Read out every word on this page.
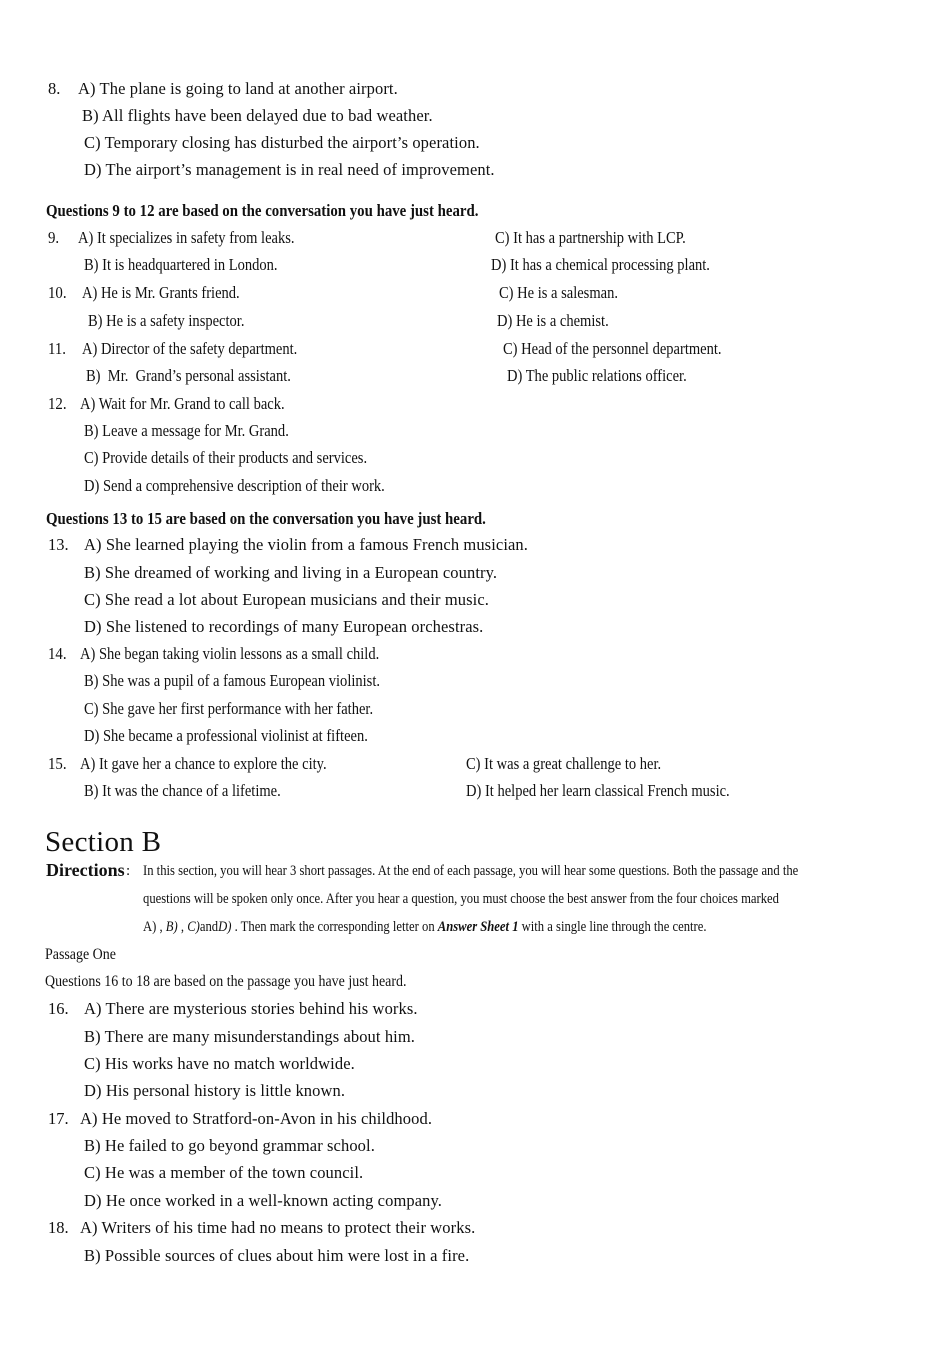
8. A) The plane is going to land at another airport.
B) All flights have been delayed due to bad weather.
C) Temporary closing has disturbed the airport’s operation.
D) The airport’s management is in real need of improvement.
Questions 9 to 12 are based on the conversation you have just heard.
9. A) It specializes in safety from leaks.	C) It has a partnership with LCP.
B) It is headquartered in London.	D) It has a chemical processing plant.
10. A) He is Mr. Grants friend.	C) He is a salesman.
B) He is a safety inspector.	D) He is a chemist.
11. A) Director of the safety department.	C) Head of the personnel department.
B)  Mr.  Grand’s personal assistant.	D) The public relations officer.
12. A) Wait for Mr. Grand to call back.
B) Leave a message for Mr. Grand.
C) Provide details of their products and services.
D) Send a comprehensive description of their work.
Questions 13 to 15 are based on the conversation you have just heard.
13. A) She learned playing the violin from a famous French musician.
B) She dreamed of working and living in a European country.
C) She read a lot about European musicians and their music.
D) She listened to recordings of many European orchestras.
14. A) She began taking violin lessons as a small child.
B) She was a pupil of a famous European violinist.
C) She gave her first performance with her father.
D) She became a professional violinist at fifteen.
15. A) It gave her a chance to explore the city.	C) It was a great challenge to her.
B) It was the chance of a lifetime.	D) It helped her learn classical French music.
Section B
Directions : In this section, you will hear 3 short passages. At the end of each passage, you will hear some questions. Both the passage and the
questions will be spoken only once. After you hear a question, you must choose the best answer from the four choices marked
A) , B) , C)andD) . Then mark the corresponding letter on Answer Sheet 1 with a single line through the centre.
Passage One
Questions 16 to 18 are based on the passage you have just heard.
16. A) There are mysterious stories behind his works.
B) There are many misunderstandings about him.
C) His works have no match worldwide.
D) His personal history is little known.
17. A) He moved to Stratford-on-Avon in his childhood.
B) He failed to go beyond grammar school.
C) He was a member of the town council.
D) He once worked in a well-known acting company.
18. A) Writers of his time had no means to protect their works.
B) Possible sources of clues about him were lost in a fire.
